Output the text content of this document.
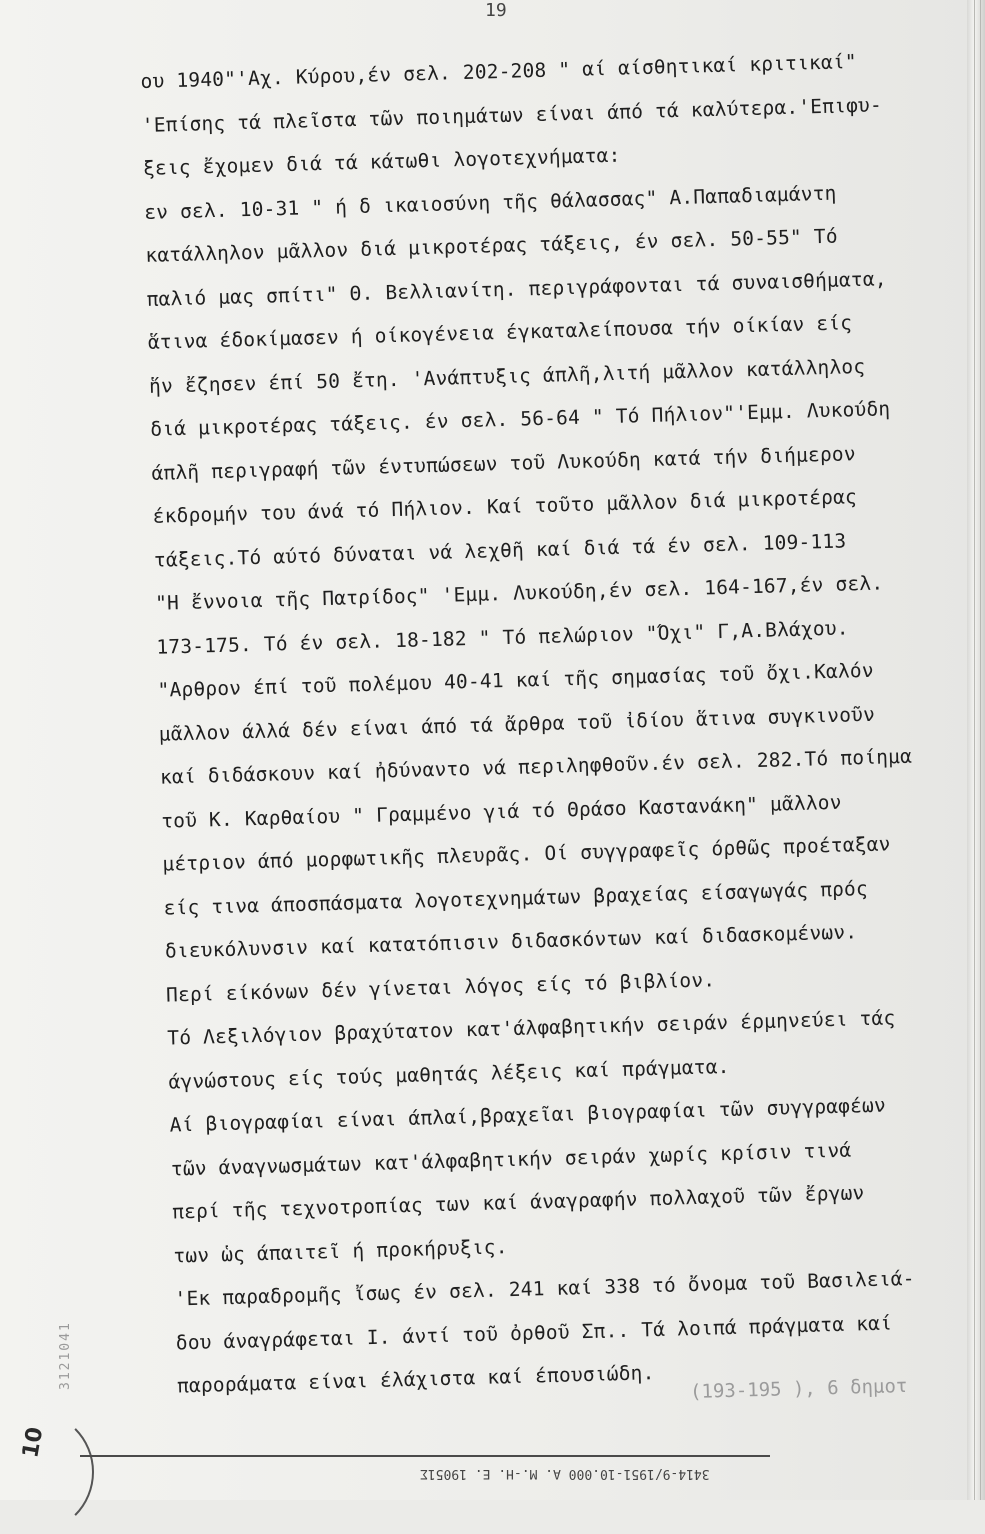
19
ου 1940"'Αχ. Κύρου,έν σελ. 202-208 " αί αίσθητικαί κριτικαί"
'Επίσης τά πλεῖστα τῶν ποιημάτων είναι άπό τά καλύτερα.'Επιφυ-
ξεις ἔχομεν διά τά κάτωθι λογοτεχνήματα:
εν σελ. 10-31 " ή δ ικαιοσύνη τῆς θάλασσας" Α.Παπαδιαμάντη
κατάλληλον μᾶλλον διά μικροτέρας τάξεις, έν σελ. 50-55" Τό
παλιό μας σπίτι" Θ. Βελλιανίτη. περιγράφονται τά συναισθήματα,
ἅτινα έδοκίμασεν ή οίκογένεια έγκαταλείπουσα τήν οίκίαν είς
ἥν ἔζησεν έπί 50 ἔτη. 'Ανάπτυξις άπλῆ,λιτή μᾶλλον κατάλληλος
διά μικροτέρας τάξεις. έν σελ. 56-64 " Τό Πήλιον"'Εμμ. Λυκούδη
άπλῆ περιγραφή τῶν έντυπώσεων τοῦ Λυκούδη κατά τήν διήμερον
έκδρομήν του άνά τό Πήλιον. Καί τοῦτο μᾶλλον διά μικροτέρας
τάξεις.Τό αύτό δύναται νά λεχθῆ καί διά τά έν σελ. 109-113
"Η ἔννοια τῆς Πατρίδος" 'Εμμ. Λυκούδη,έν σελ. 164-167,έν σελ.
173-175. Τό έν σελ. 18-182 " Τό πελώριον "Όχι" Γ,Α.Βλάχου.
"Αρθρον έπί τοῦ πολέμου 40-41 καί τῆς σημασίας τοῦ ὄχι.Καλόν
μᾶλλον άλλά δέν είναι άπό τά ἄρθρα τοῦ ἰδίου ἅτινα συγκινοῦν
καί διδάσκουν καί ἠδύναντο νά περιληφθοῦν.έν σελ. 282.Τό ποίημα
τοῦ Κ. Καρθαίου " Γραμμένο γιά τό Θράσο Καστανάκη" μᾶλλον
μέτριον άπό μορφωτικῆς πλευρᾶς. Οί συγγραφεῖς όρθῶς προέταξαν
είς τινα άποσπάσματα λογοτεχνημάτων βραχείας είσαγωγάς πρός
διευκόλυνσιν καί κατατόπισιν διδασκόντων καί διδασκομένων.
Περί είκόνων δέν γίνεται λόγος είς τό βιβλίον.
Τό Λεξιλόγιον βραχύτατον κατ'άλφαβητικήν σειράν έρμηνεύει τάς
άγνώστους είς τούς μαθητάς λέξεις καί πράγματα.
Αί βιογραφίαι είναι άπλαί,βραχεῖαι βιογραφίαι τῶν συγγραφέων
τῶν άναγνωσμάτων κατ'άλφαβητικήν σειράν χωρίς κρίσιν τινά
περί τῆς τεχνοτροπίας των καί άναγραφήν πολλαχοῦ τῶν ἔργων
των ὡς άπαιτεῖ ή προκήρυξις.
'Εκ παραδρομῆς ἴσως έν σελ. 241 καί 338 τό ὄνομα τοῦ Βασιλειά-
δου άναγράφεται Ι. άντί τοῦ ὀρθοῦ Σπ.. Τά λοιπά πράγματα καί
παροράματα είναι έλάχιστα καί έπουσιώδη.	(193-195 ), 6 δημοτ
3121041
10
3414-9/1951-10.000 Α. Μ.-Η. Ε. 19051Σ
